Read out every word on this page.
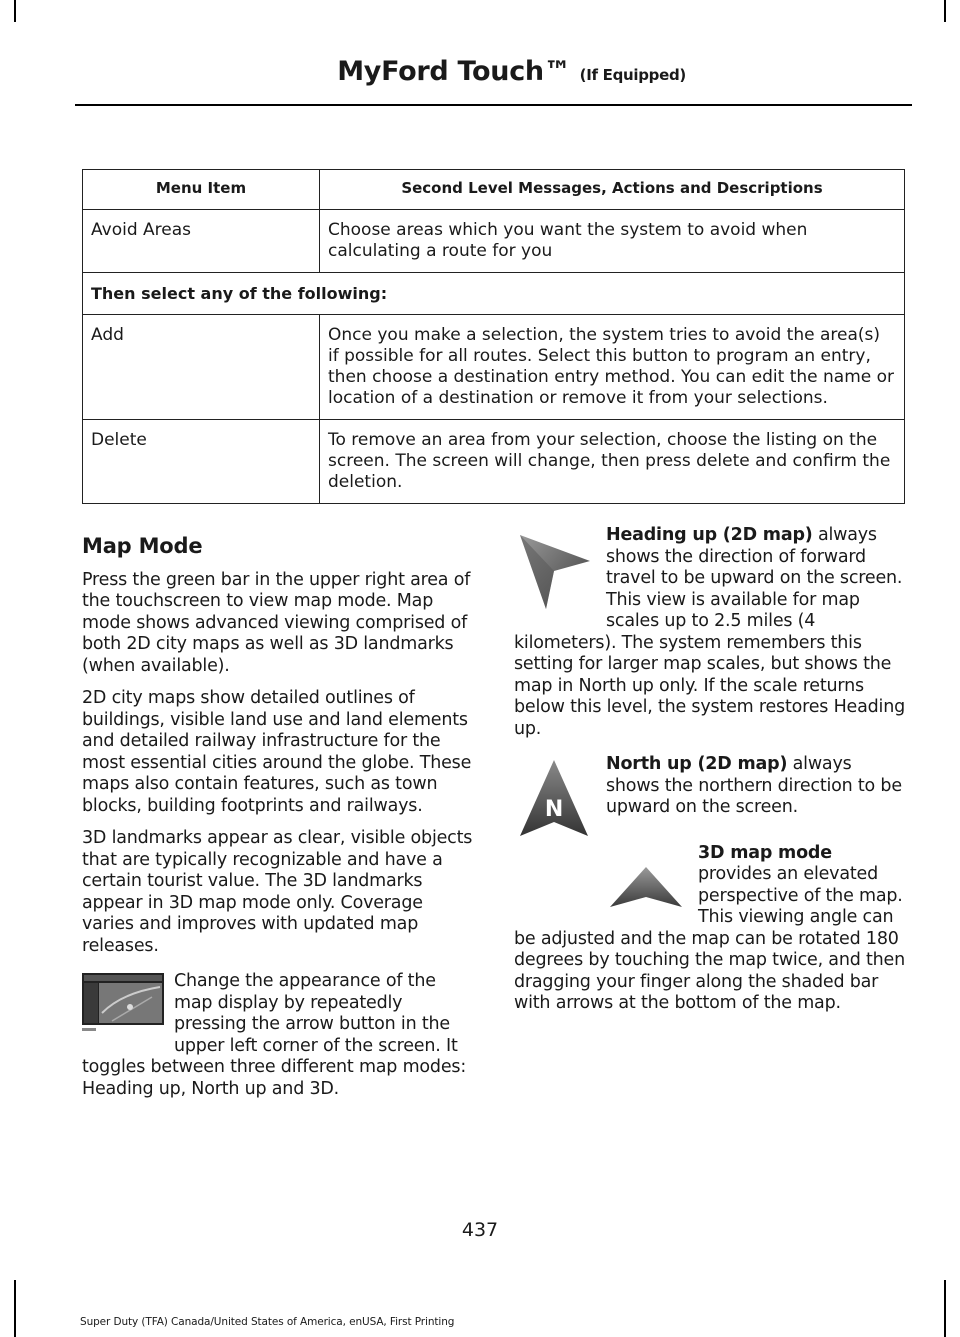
MyFord Touch™ (If Equipped)
Menu Item	Second Level Messages, Actions and Descriptions
Avoid Areas	Choose areas which you want the system to avoid when calculating a route for you
Then select any of the following:	
Add	Once you make a selection, the system tries to avoid the area(s) if possible for all routes. Select this button to program an entry, then choose a destination entry method. You can edit the name or location of a destination or remove it from your selections.
Delete	To remove an area from your selection, choose the listing on the screen. The screen will change, then press delete and confirm the deletion.
Map Mode

Press the green bar in the upper right area of the touchscreen to view map mode. Map mode shows advanced viewing comprised of both 2D city maps as well as 3D landmarks (when available).

2D city maps show detailed outlines of buildings, visible land use and land elements and detailed railway infrastructure for the most essential cities around the globe. These maps also contain features, such as town blocks, building footprints and railways.

3D landmarks appear as clear, visible objects that are typically recognizable and have a certain tourist value. The 3D landmarks appear in 3D map mode only. Coverage varies and improves with updated map releases.

Change the appearance of the map display by repeatedly pressing the arrow button in the upper left corner of the screen. It toggles between three different map modes: Heading up, North up and 3D.

Heading up (2D map) always shows the direction of forward travel to be upward on the screen. This view is available for map scales up to 2.5 miles (4 kilometers). The system remembers this setting for larger map scales, but shows the map in North up only. If the scale returns below this level, the system restores Heading up.

N
North up (2D map) always shows the northern direction to be upward on the screen.

3D map mode provides an elevated perspective of the map. This viewing angle can be adjusted and the map can be rotated 180 degrees by touching the map twice, and then dragging your finger along the shaded bar with arrows at the bottom of the map.

437
Super Duty (TFA) Canada/United States of America, enUSA, First Printing
